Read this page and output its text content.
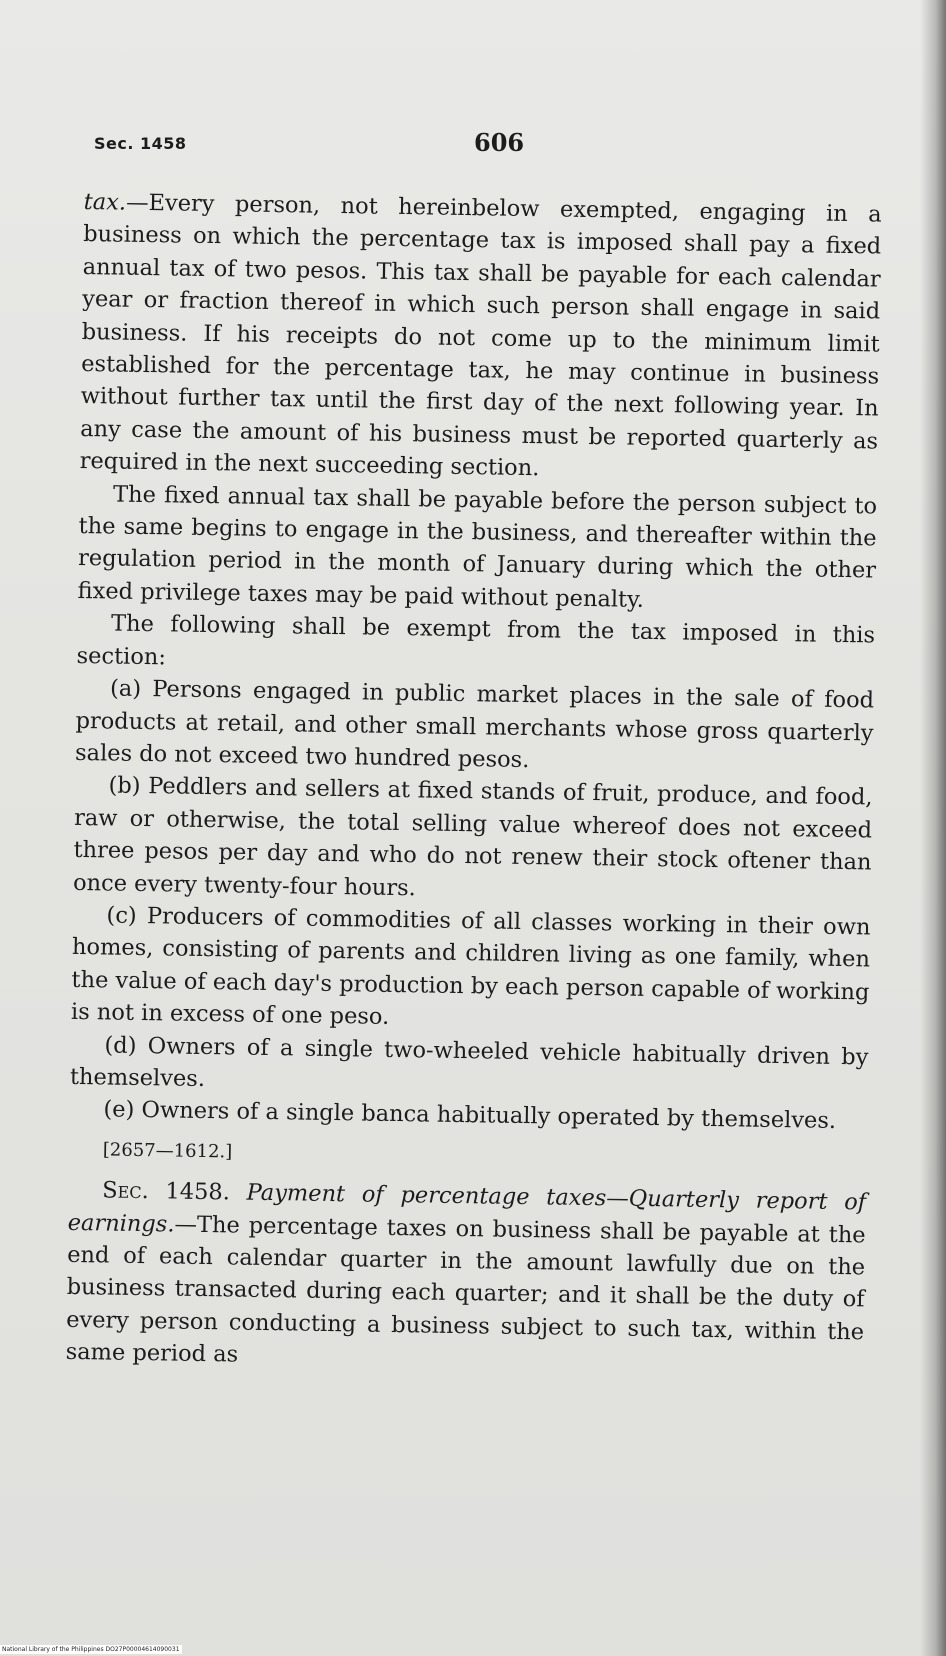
Sec. 1458	606

tax.—Every person, not hereinbelow exempted, engaging in a business on which the percentage tax is imposed shall pay a fixed annual tax of two pesos. This tax shall be payable for each calendar year or fraction thereof in which such person shall engage in said business. If his receipts do not come up to the minimum limit established for the percentage tax, he may continue in business without further tax until the first day of the next following year. In any case the amount of his business must be reported quarterly as required in the next succeeding section.

The fixed annual tax shall be payable before the person subject to the same begins to engage in the business, and thereafter within the regulation period in the month of January during which the other fixed privilege taxes may be paid without penalty.

The following shall be exempt from the tax imposed in this section:

(a) Persons engaged in public market places in the sale of food products at retail, and other small merchants whose gross quarterly sales do not exceed two hundred pesos.

(b) Peddlers and sellers at fixed stands of fruit, produce, and food, raw or otherwise, the total selling value whereof does not exceed three pesos per day and who do not renew their stock oftener than once every twenty-four hours.

(c) Producers of commodities of all classes working in their own homes, consisting of parents and children living as one family, when the value of each day's production by each person capable of working is not in excess of one peso.

(d) Owners of a single two-wheeled vehicle habitually driven by themselves.

(e) Owners of a single banca habitually operated by themselves.

[2657—1612.]

Sec. 1458. Payment of percentage taxes—Quarterly report of earnings.—The percentage taxes on business shall be payable at the end of each calendar quarter in the amount lawfully due on the business transacted during each quarter; and it shall be the duty of every person conducting a business subject to such tax, within the same period as

National Library of the Philippines DO27P00004614090031
